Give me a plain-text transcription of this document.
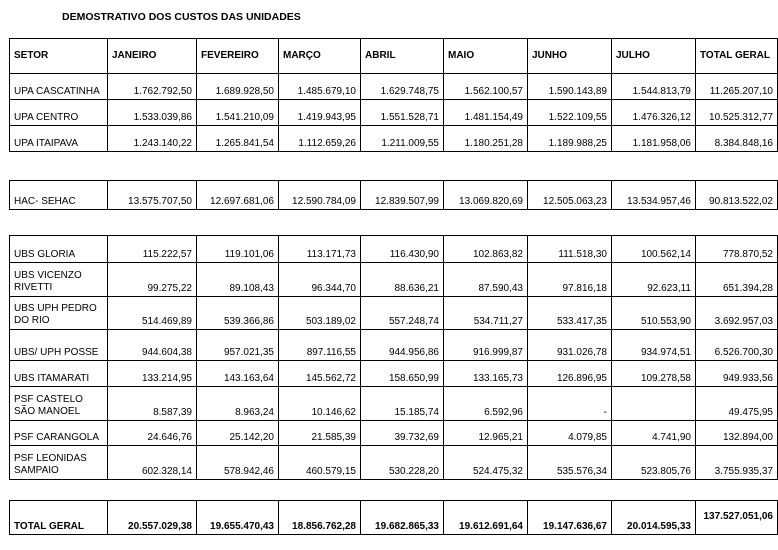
DEMOSTRATIVO DOS CUSTOS DAS UNIDADES
SETOR	JANEIRO	FEVEREIRO	MARÇO	ABRIL	MAIO	JUNHO	JULHO	TOTAL GERAL
UPA CASCATINHA	1.762.792,50	1.689.928,50	1.485.679,10	1.629.748,75	1.562.100,57	1.590.143,89	1.544.813,79	11.265.207,10
UPA CENTRO	1.533.039,86	1.541.210,09	1.419.943,95	1.551.528,71	1.481.154,49	1.522.109,55	1.476.326,12	10.525.312,77
UPA ITAIPAVA	1.243.140,22	1.265.841,54	1.112.659,26	1.211.009,55	1.180.251,28	1.189.988,25	1.181.958,06	8.384.848,16
HAC- SEHAC	13.575.707,50	12.697.681,06	12.590.784,09	12.839.507,99	13.069.820,69	12.505.063,23	13.534.957,46	90.813.522,02
UBS GLORIA	115.222,57	119.101,06	113.171,73	116.430,90	102.863,82	111.518,30	100.562,14	778.870,52
UBS VICENZO RIVETTI	99.275,22	89.108,43	96.344,70	88.636,21	87.590,43	97.816,18	92.623,11	651.394,28
UBS UPH PEDRO DO RIO	514.469,89	539.366,86	503.189,02	557.248,74	534.711,27	533.417,35	510.553,90	3.692.957,03
UBS/ UPH POSSE	944.604,38	957.021,35	897.116,55	944.956,86	916.999,87	931.026,78	934.974,51	6.526.700,30
UBS ITAMARATI	133.214,95	143.163,64	145.562,72	158.650,99	133.165,73	126.896,95	109.278,58	949.933,56
PSF CASTELO SÃO MANOEL	8.587,39	8.963,24	10.146,62	15.185,74	6.592,96	-		49.475,95
PSF CARANGOLA	24.646,76	25.142,20	21.585,39	39.732,69	12.965,21	4.079,85	4.741,90	132.894,00
PSF LEONIDAS SAMPAIO	602.328,14	578.942,46	460.579,15	530.228,20	524.475,32	535.576,34	523.805,76	3.755.935,37
TOTAL GERAL	20.557.029,38	19.655.470,43	18.856.762,28	19.682.865,33	19.612.691,64	19.147.636,67	20.014.595,33	137.527.051,06
